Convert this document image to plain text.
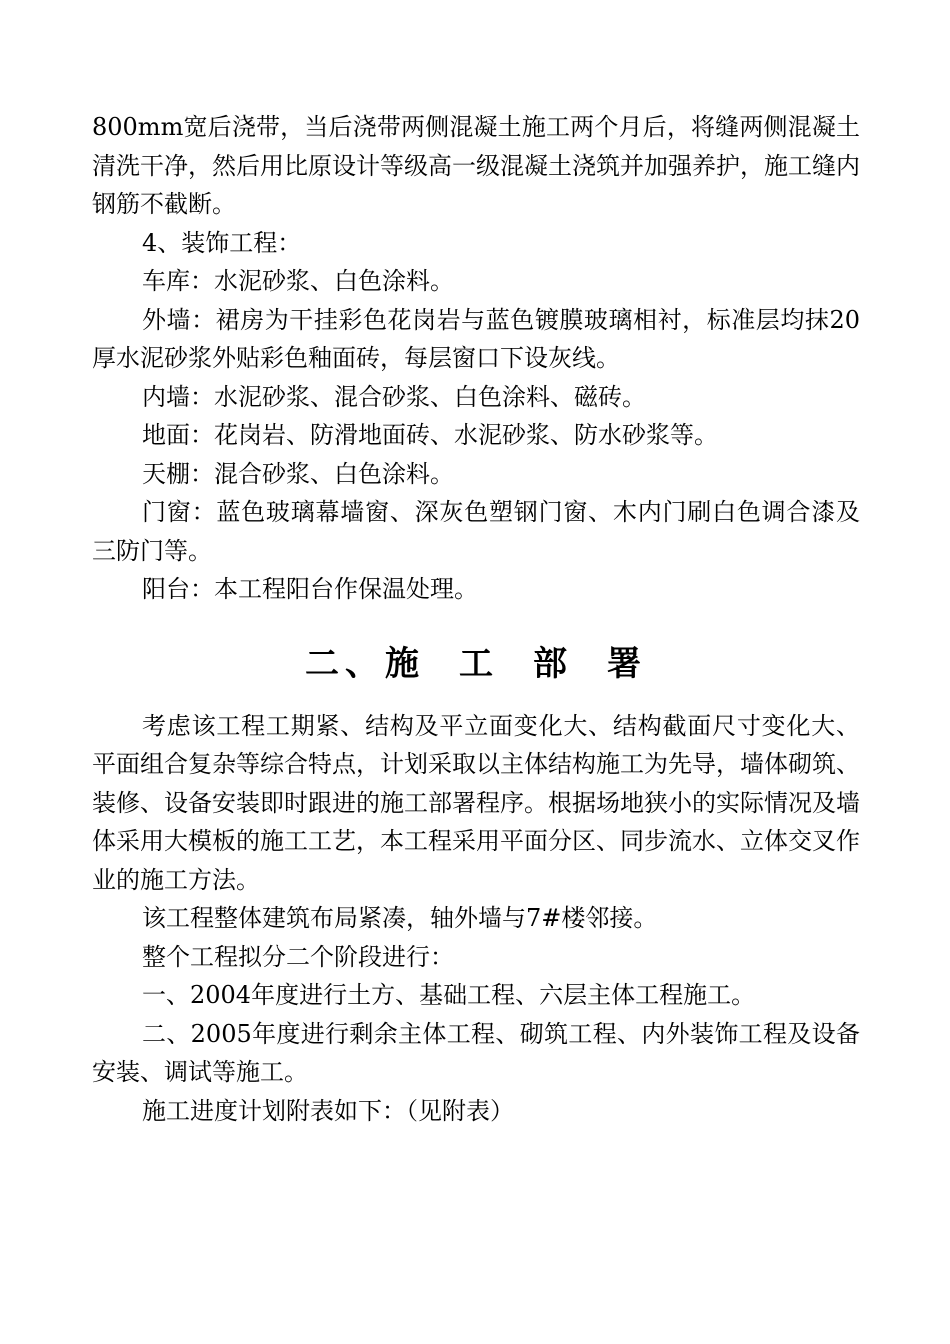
800mm宽后浇带，当后浇带两侧混凝土施工两个月后，将缝两侧混凝土清洗干净，然后用比原设计等级高一级混凝土浇筑并加强养护，施工缝内钢筋不截断。

4、装饰工程：

车库：水泥砂浆、白色涂料。

外墙：裙房为干挂彩色花岗岩与蓝色镀膜玻璃相衬，标准层均抹20厚水泥砂浆外贴彩色釉面砖，每层窗口下设灰线。

内墙：水泥砂浆、混合砂浆、白色涂料、磁砖。

地面：花岗岩、防滑地面砖、水泥砂浆、防水砂浆等。

天棚：混合砂浆、白色涂料。

门窗：蓝色玻璃幕墙窗、深灰色塑钢门窗、木内门刷白色调合漆及三防门等。

阳台：本工程阳台作保温处理。

二、施 工 部 署

考虑该工程工期紧、结构及平立面变化大、结构截面尺寸变化大、平面组合复杂等综合特点，计划采取以主体结构施工为先导，墙体砌筑、装修、设备安装即时跟进的施工部署程序。根据场地狭小的实际情况及墙体采用大模板的施工工艺，本工程采用平面分区、同步流水、立体交叉作业的施工方法。

该工程整体建筑布局紧凑，轴外墙与7#楼邻接。

整个工程拟分二个阶段进行：

一、2004年度进行土方、基础工程、六层主体工程施工。

二、2005年度进行剩余主体工程、砌筑工程、内外装饰工程及设备安装、调试等施工。

施工进度计划附表如下：（见附表）
